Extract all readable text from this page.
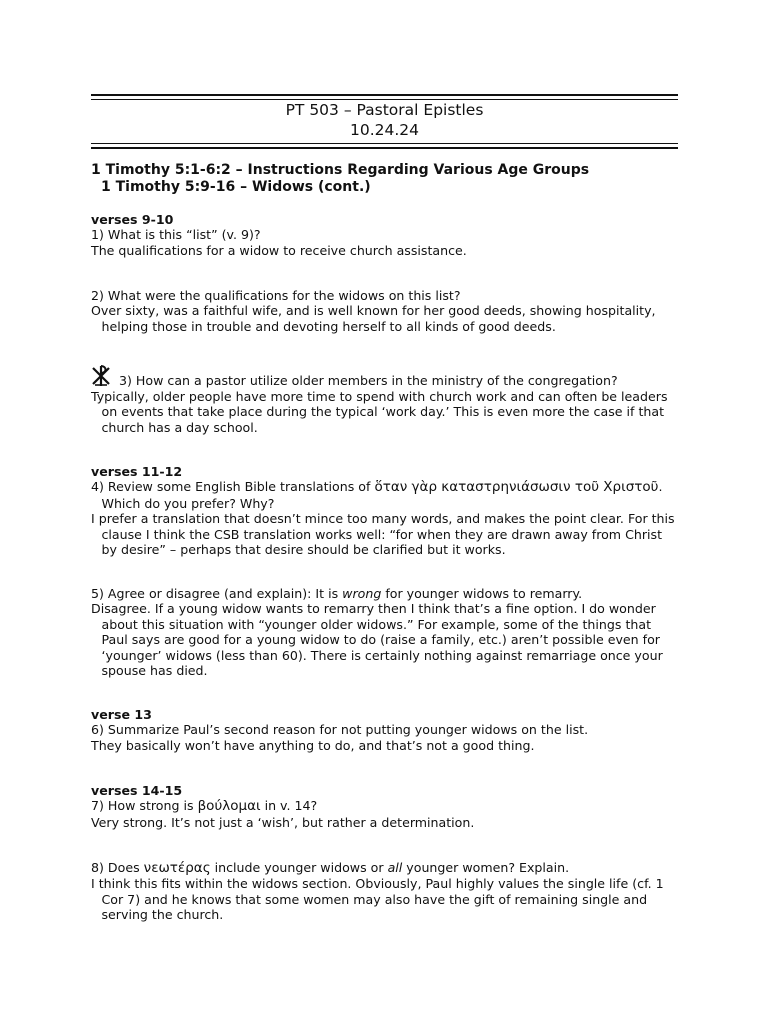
PT 503 – Pastoral Epistles
10.24.24
1 Timothy 5:1-6:2 – Instructions Regarding Various Age Groups
1 Timothy 5:9-16 – Widows (cont.)
verses 9-10
1) What is this “list” (v. 9)?
The qualifications for a widow to receive church assistance.
2) What were the qualifications for the widows on this list?
Over sixty, was a faithful wife, and is well known for her good deeds, showing hospitality,
helping those in trouble and devoting herself to all kinds of good deeds.
3) How can a pastor utilize older members in the ministry of the congregation?
Typically, older people have more time to spend with church work and can often be leaders
on events that take place during the typical ‘work day.’ This is even more the case if that
church has a day school.
verses 11-12
4) Review some English Bible translations of ὅταν γὰρ καταστρηνιάσωσιν τοῦ Χριστοῦ.
Which do you prefer? Why?
I prefer a translation that doesn’t mince too many words, and makes the point clear. For this
clause I think the CSB translation works well: “for when they are drawn away from Christ
by desire” – perhaps that desire should be clarified but it works.
5) Agree or disagree (and explain): It is wrong for younger widows to remarry.
Disagree. If a young widow wants to remarry then I think that’s a fine option. I do wonder
about this situation with “younger older widows.” For example, some of the things that
Paul says are good for a young widow to do (raise a family, etc.) aren’t possible even for
‘younger’ widows (less than 60). There is certainly nothing against remarriage once your
spouse has died.
verse 13
6) Summarize Paul’s second reason for not putting younger widows on the list.
They basically won’t have anything to do, and that’s not a good thing.
verses 14-15
7) How strong is βούλομαι in v. 14?
Very strong. It’s not just a ‘wish’, but rather a determination.
8) Does νεωτέρας include younger widows or all younger women? Explain.
I think this fits within the widows section. Obviously, Paul highly values the single life (cf. 1
Cor 7) and he knows that some women may also have the gift of remaining single and
serving the church.
